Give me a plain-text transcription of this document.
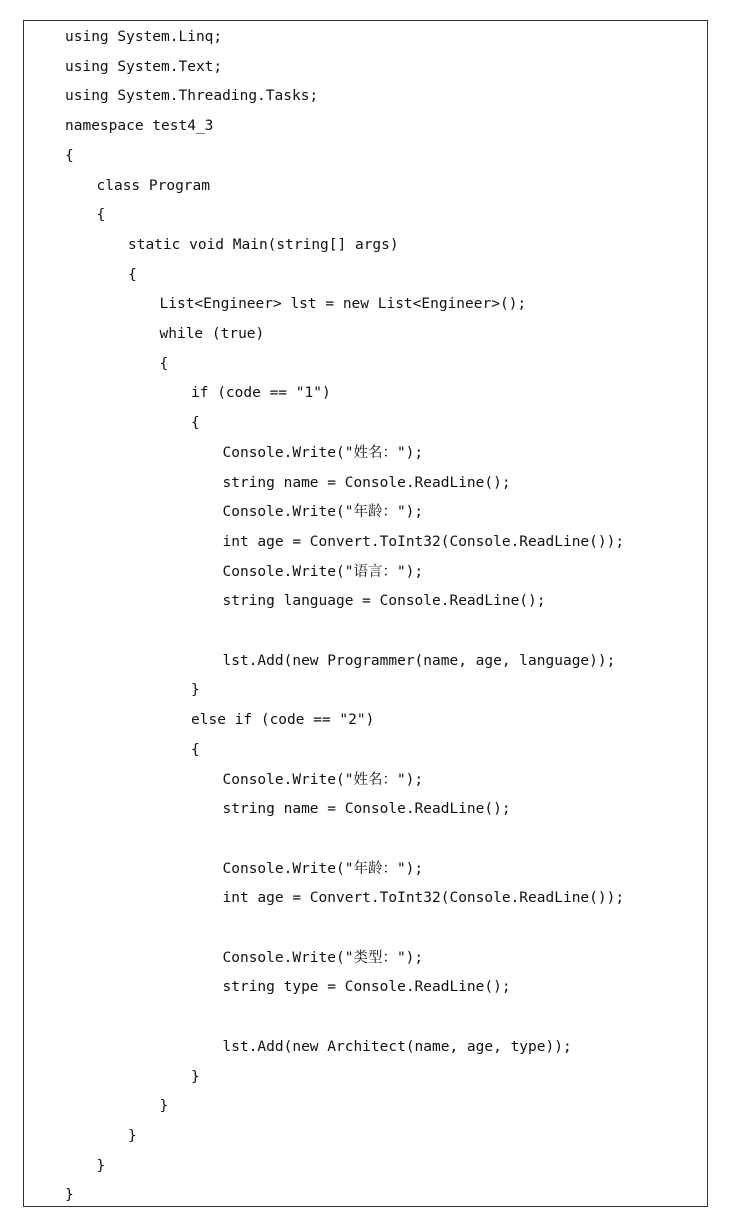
using System.Linq;
using System.Text;
using System.Threading.Tasks;
namespace test4_3
{
class Program
{
static void Main(string[] args)
{
List<Engineer> lst = new List<Engineer>();
while (true)
{
if (code == "1")
{
Console.Write("姓名：");
string name = Console.ReadLine();
Console.Write("年龄：");
int age = Convert.ToInt32(Console.ReadLine());
Console.Write("语言：");
string language = Console.ReadLine();
lst.Add(new Programmer(name, age, language));
}
else if (code == "2")
{
Console.Write("姓名：");
string name = Console.ReadLine();
Console.Write("年龄：");
int age = Convert.ToInt32(Console.ReadLine());
Console.Write("类型：");
string type = Console.ReadLine();
lst.Add(new Architect(name, age, type));
}
}
}
}
}
